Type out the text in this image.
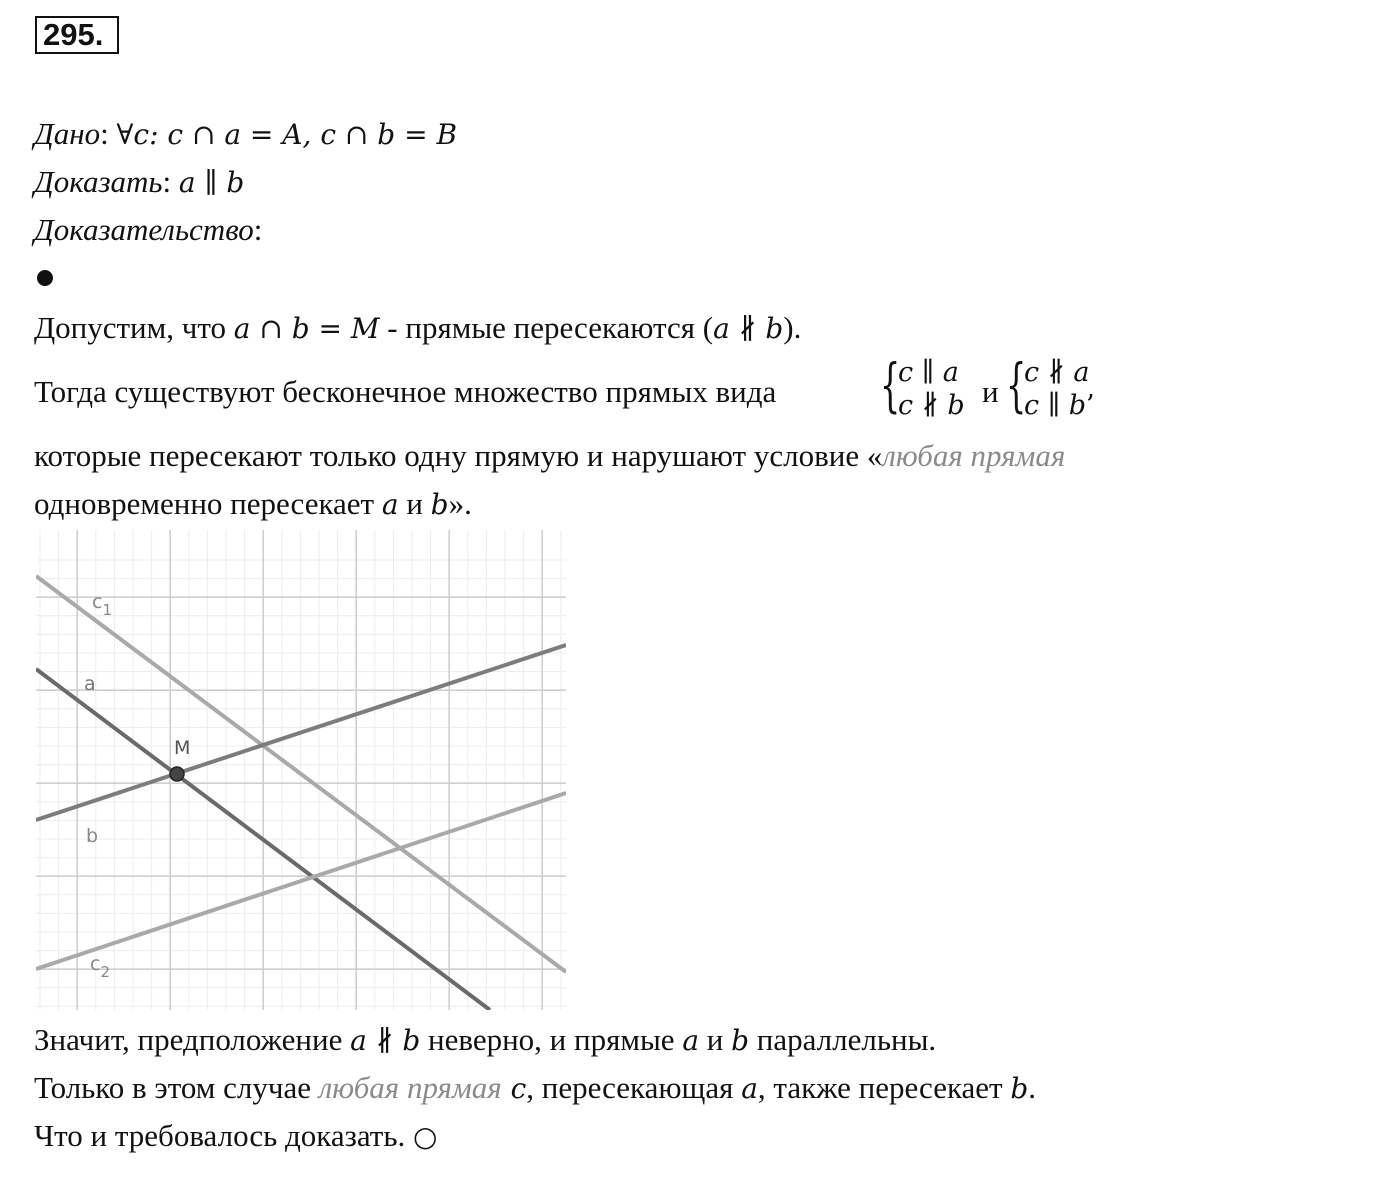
295.
Дано: ∀c: c ∩ a = A, c ∩ b = B
Доказать: a ∥ b
Доказательство:
Допустим, что a ∩ b = M - прямые пересекаются (a ∦ b).
Тогда существуют бесконечное множество прямых вида {
c ∥ a
c ∦ b и {
c ∦ a
c ∥ b’
которые пересекают только одну прямую и нарушают условие «любая прямая
одновременно пересекает a и b».
$c_1$
a
M
b
$c_2$
Значит, предположение a ∦ b неверно, и прямые a и b параллельны.
Только в этом случае любая прямая c, пересекающая a, также пересекает b.
Что и требовалось доказать. ○
